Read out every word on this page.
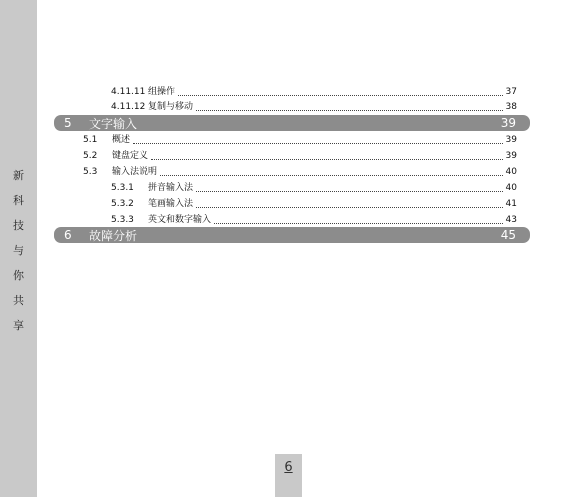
新
科
技
与
你
共
享
4.11.11 组操作	37
4.11.12 复制与移动	38
5 文字输入	39
5.1	概述	39
5.2	键盘定义	39
5.3	输入法说明	40
5.3.1	拼音输入法	40
5.3.2	笔画输入法	41
5.3.3	英文和数字输入	43
6 故障分析	45
6
